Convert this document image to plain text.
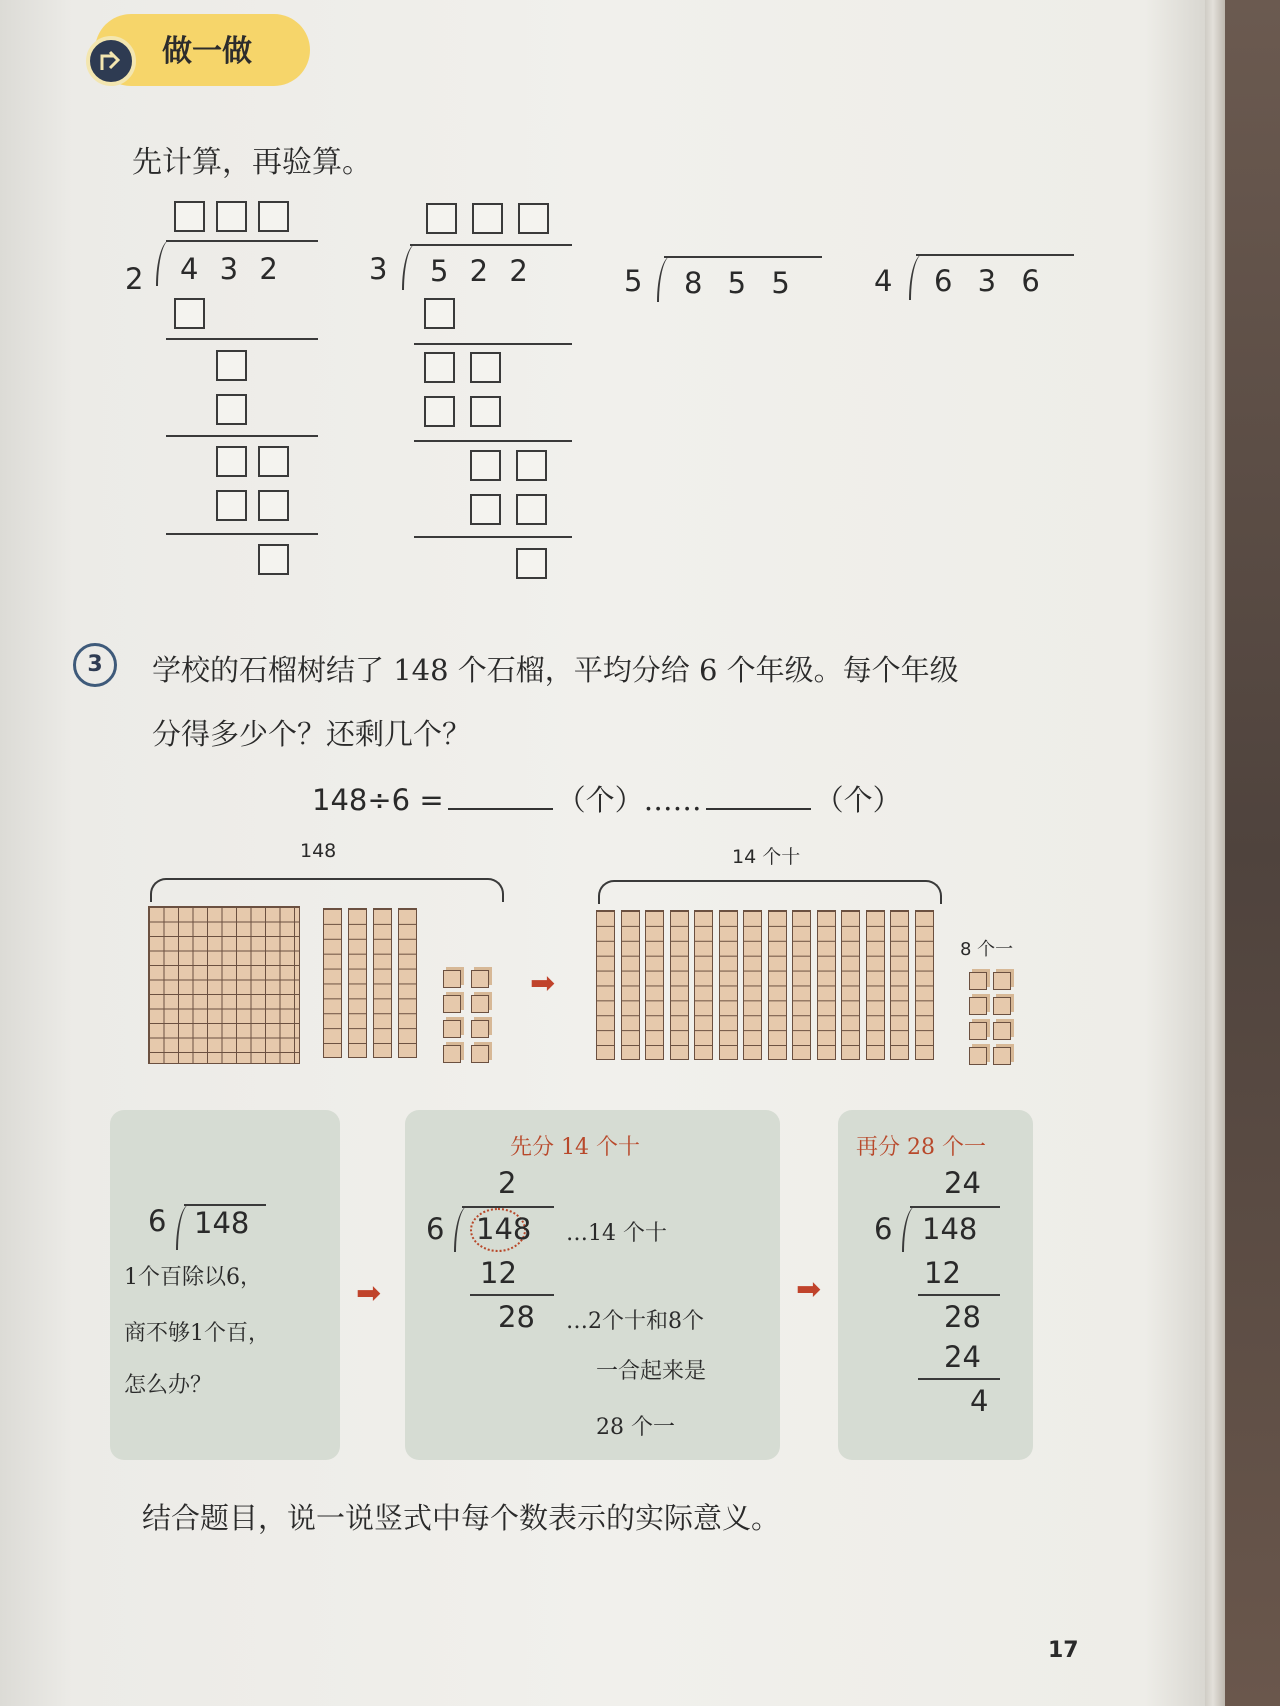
做一做
先计算，再验算。
2 4 3 2	3 5 2 2	5 8 5 5	4 6 3 6
3	学校的石榴树结了 148 个石榴，平均分给 6 个年级。每个年级
分得多少个？还剩几个？
148÷6 =	（个）……	（个）
148
➡
14 个十
8 个一
6 148
1个百除以6，
商不够1个百，
怎么办？
➡
先分 14 个十
2
6 148 …14 个十
12
28 …2个十和8个
一合起来是
28 个一
➡
再分 28 个一
24
6 148
12
28
24
4
结合题目，说一说竖式中每个数表示的实际意义。
17
